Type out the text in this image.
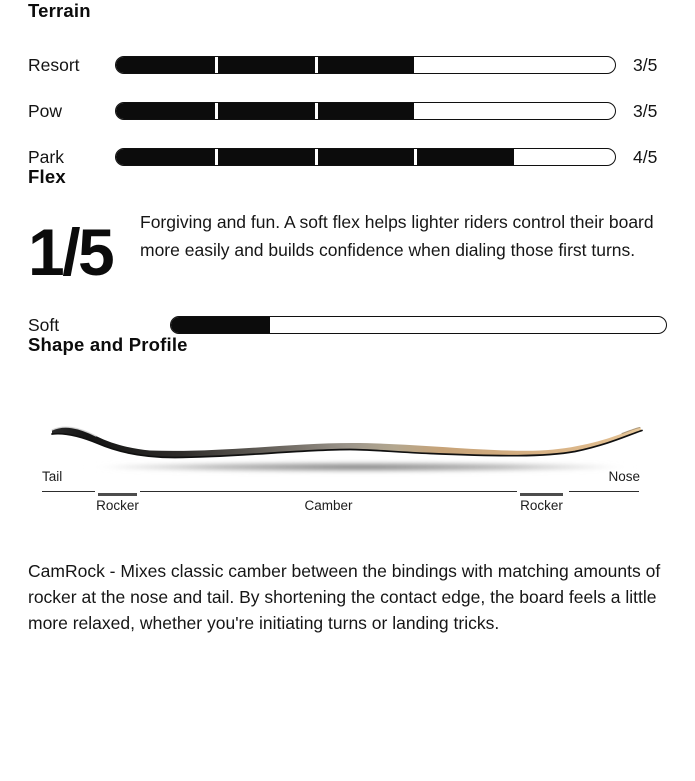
Terrain
Resort	3/5
Pow	3/5
Park	4/5
Flex
1/5	Forgiving and fun. A soft flex helps lighter riders control their board more easily and builds confidence when dialing those first turns.

Soft
Shape and Profile
Tail	Nose
Rocker	Camber	Rocker

CamRock - Mixes classic camber between the bindings with matching amounts of rocker at the nose and tail. By shortening the contact edge, the board feels a little more relaxed, whether you're initiating turns or landing tricks.
